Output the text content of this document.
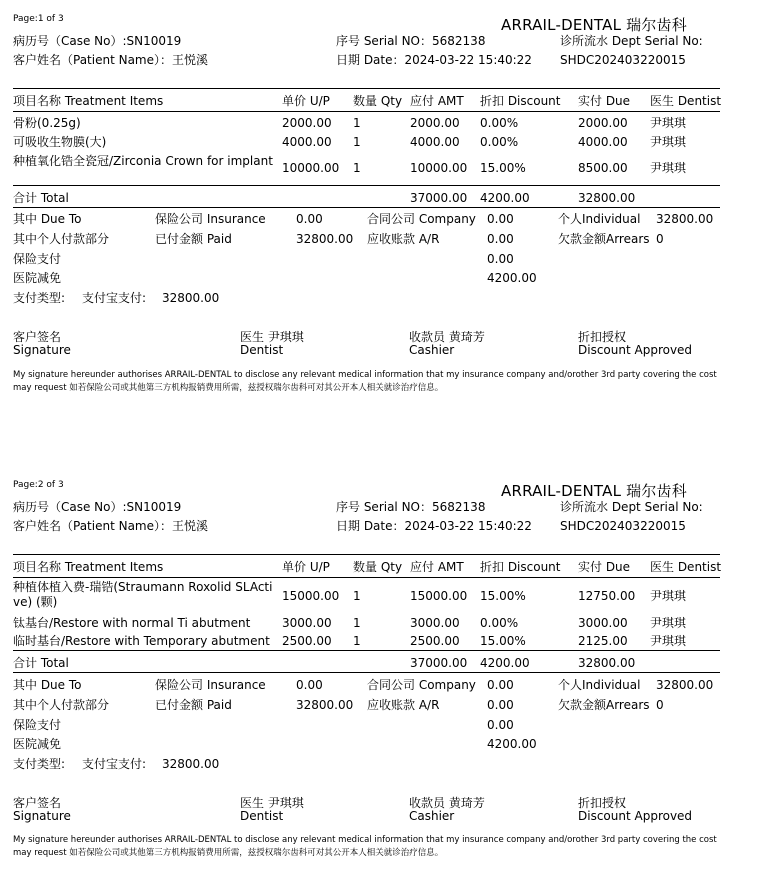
Page:1 of 3	ARRAIL-DENTAL 瑞尔齿科
病历号（Case No）:SN10019	序号 Serial NO：5682138	诊所流水 Dept Serial No:
客户姓名（Patient Name）：王悦溪	日期 Date：2024-03-22 15:40:22 SHDC202403220015
项目名称 Treatment Items	单价 U/P 数量 Qty 应付 AMT 折扣 Discount 实付 Due 医生 Dentist
骨粉(0.25g)	2000.00 1	2000.00 0.00%	2000.00 尹琪琪
可吸收生物膜(大)	4000.00 1	4000.00 0.00%	4000.00 尹琪琪
种植氧化锆全瓷冠/Zirconia Crown for implant 10000.00 1	10000.00 15.00%	8500.00 尹琪琪
合计 Total	37000.00 4200.00	32800.00
其中 Due To	保险公司 Insurance	0.00	合同公司 Company 0.00	个人Individual 32800.00
其中个人付款部分	已付金额 Paid	32800.00 应收账款 A/R	0.00	欠款金额Arrears 0
保险支付	0.00
医院减免	4200.00
支付类型: 支付宝支付: 32800.00
客户签名
Signature
医生 尹琪琪
Dentist
收款员 黄琦芳
Cashier
折扣授权
Discount Approved
My signature hereunder authorises ARRAIL-DENTAL to disclose any relevant medical information that my insurance company and/orother 3rd party covering the cost may request 如若保险公司或其他第三方机构报销费用所需，兹授权瑞尔齿科可对其公开本人相关就诊治疗信息。
Page:2 of 3	ARRAIL-DENTAL 瑞尔齿科
病历号（Case No）:SN10019	序号 Serial NO：5682138	诊所流水 Dept Serial No:
客户姓名（Patient Name）：王悦溪	日期 Date：2024-03-22 15:40:22 SHDC202403220015
项目名称 Treatment Items	单价 U/P 数量 Qty 应付 AMT 折扣 Discount 实付 Due 医生 Dentist
种植体植入费-瑞锆(Straumann Roxolid SLActive) (颗)	15000.00 1	15000.00 15.00%	12750.00 尹琪琪
钛基台/Restore with normal Ti abutment	3000.00 1	3000.00 0.00%	3000.00 尹琪琪
临时基台/Restore with Temporary abutment 2500.00 1	2500.00 15.00%	2125.00 尹琪琪
合计 Total	37000.00 4200.00	32800.00
其中 Due To	保险公司 Insurance	0.00	合同公司 Company 0.00	个人Individual 32800.00
其中个人付款部分	已付金额 Paid	32800.00 应收账款 A/R	0.00	欠款金额Arrears 0
保险支付	0.00
医院减免	4200.00
支付类型: 支付宝支付: 32800.00
客户签名
Signature
医生 尹琪琪
Dentist
收款员 黄琦芳
Cashier
折扣授权
Discount Approved
My signature hereunder authorises ARRAIL-DENTAL to disclose any relevant medical information that my insurance company and/orother 3rd party covering the cost may request 如若保险公司或其他第三方机构报销费用所需，兹授权瑞尔齿科可对其公开本人相关就诊治疗信息。
